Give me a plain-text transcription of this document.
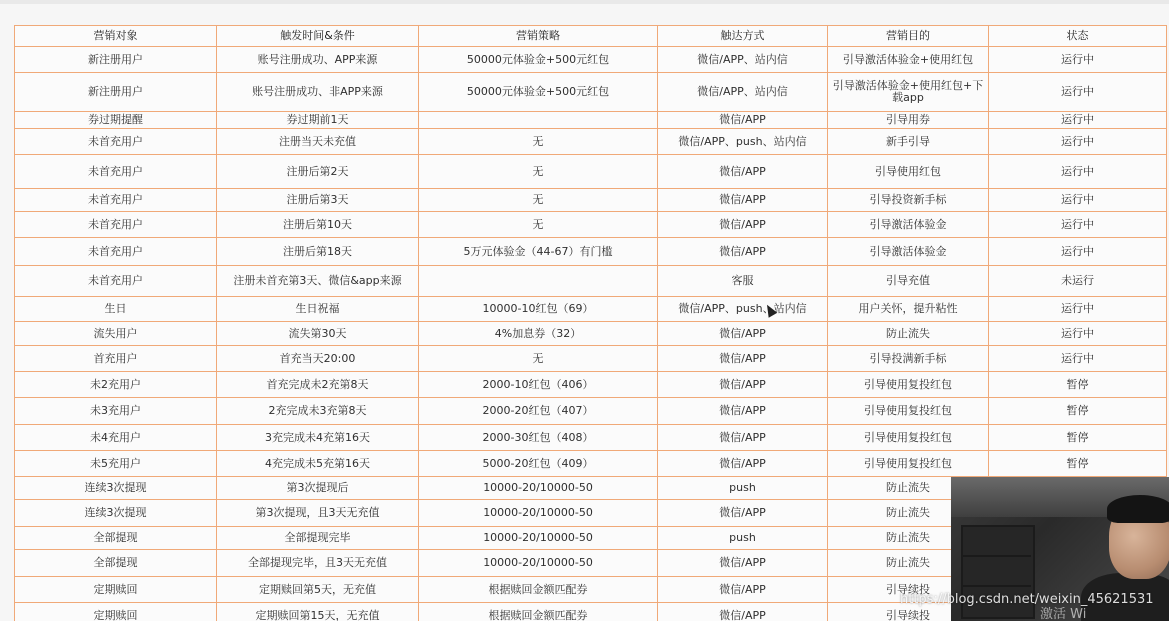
营销对象	触发时间&条件	营销策略	触达方式	营销目的	状态
新注册用户	账号注册成功、APP来源	50000元体验金+500元红包	微信/APP、站内信	引导激活体验金+使用红包	运行中
新注册用户	账号注册成功、非APP来源	50000元体验金+500元红包	微信/APP、站内信	引导激活体验金+使用红包+下载app	运行中
券过期提醒	券过期前1天		微信/APP	引导用券	运行中
未首充用户	注册当天未充值	无	微信/APP、push、站内信	新手引导	运行中
未首充用户	注册后第2天	无	微信/APP	引导使用红包	运行中
未首充用户	注册后第3天	无	微信/APP	引导投资新手标	运行中
未首充用户	注册后第10天	无	微信/APP	引导激活体验金	运行中
未首充用户	注册后第18天	5万元体验金（44-67）有门槛	微信/APP	引导激活体验金	运行中
未首充用户	注册未首充第3天、微信&app来源		客服	引导充值	未运行
生日	生日祝福	10000-10红包（69）	微信/APP、push、站内信	用户关怀，提升粘性	运行中
流失用户	流失第30天	4%加息券（32）	微信/APP	防止流失	运行中
首充用户	首充当天20:00	无	微信/APP	引导投满新手标	运行中
未2充用户	首充完成未2充第8天	2000-10红包（406）	微信/APP	引导使用复投红包	暂停
未3充用户	2充完成未3充第8天	2000-20红包（407）	微信/APP	引导使用复投红包	暂停
未4充用户	3充完成未4充第16天	2000-30红包（408）	微信/APP	引导使用复投红包	暂停
未5充用户	4充完成未5充第16天	5000-20红包（409）	微信/APP	引导使用复投红包	暂停
连续3次提现	第3次提现后	10000-20/10000-50	push	防止流失	
连续3次提现	第3次提现，且3天无充值	10000-20/10000-50	微信/APP	防止流失	
全部提现	全部提现完毕	10000-20/10000-50	push	防止流失	
全部提现	全部提现完毕，且3天无充值	10000-20/10000-50	微信/APP	防止流失	
定期赎回	定期赎回第5天，无充值	根据赎回金额匹配券	微信/APP	引导续投	
定期赎回	定期赎回第15天，无充值	根据赎回金额匹配券	微信/APP	引导续投	
https://blog.csdn.net/weixin_45621531
激活 Wi
